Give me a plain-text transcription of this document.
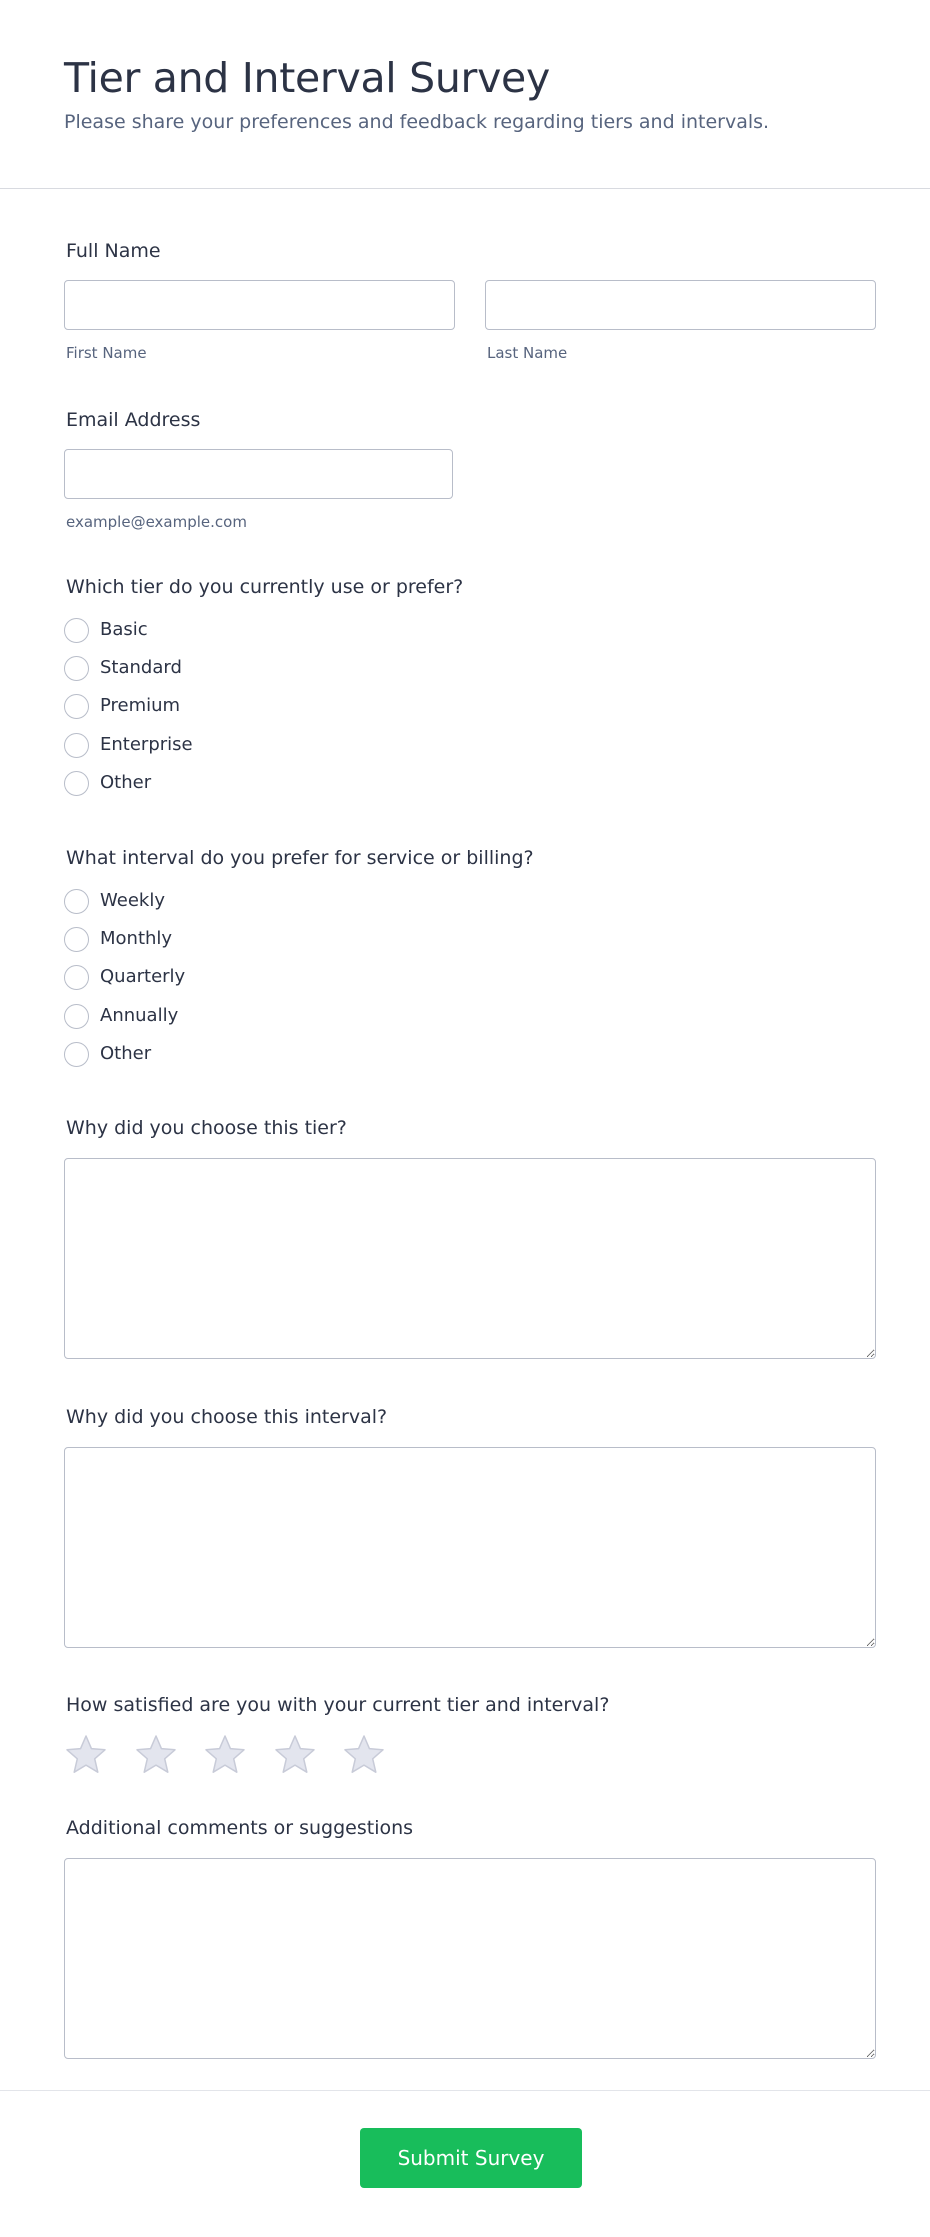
Tier and Interval Survey
Please share your preferences and feedback regarding tiers and intervals.
Full Name
First Name	Last Name
Email Address
example@example.com
Which tier do you currently use or prefer?
Basic
Standard
Premium
Enterprise
Other
What interval do you prefer for service or billing?
Weekly
Monthly
Quarterly
Annually
Other
Why did you choose this tier?
Why did you choose this interval?
How satisfied are you with your current tier and interval?
Additional comments or suggestions
Submit Survey
